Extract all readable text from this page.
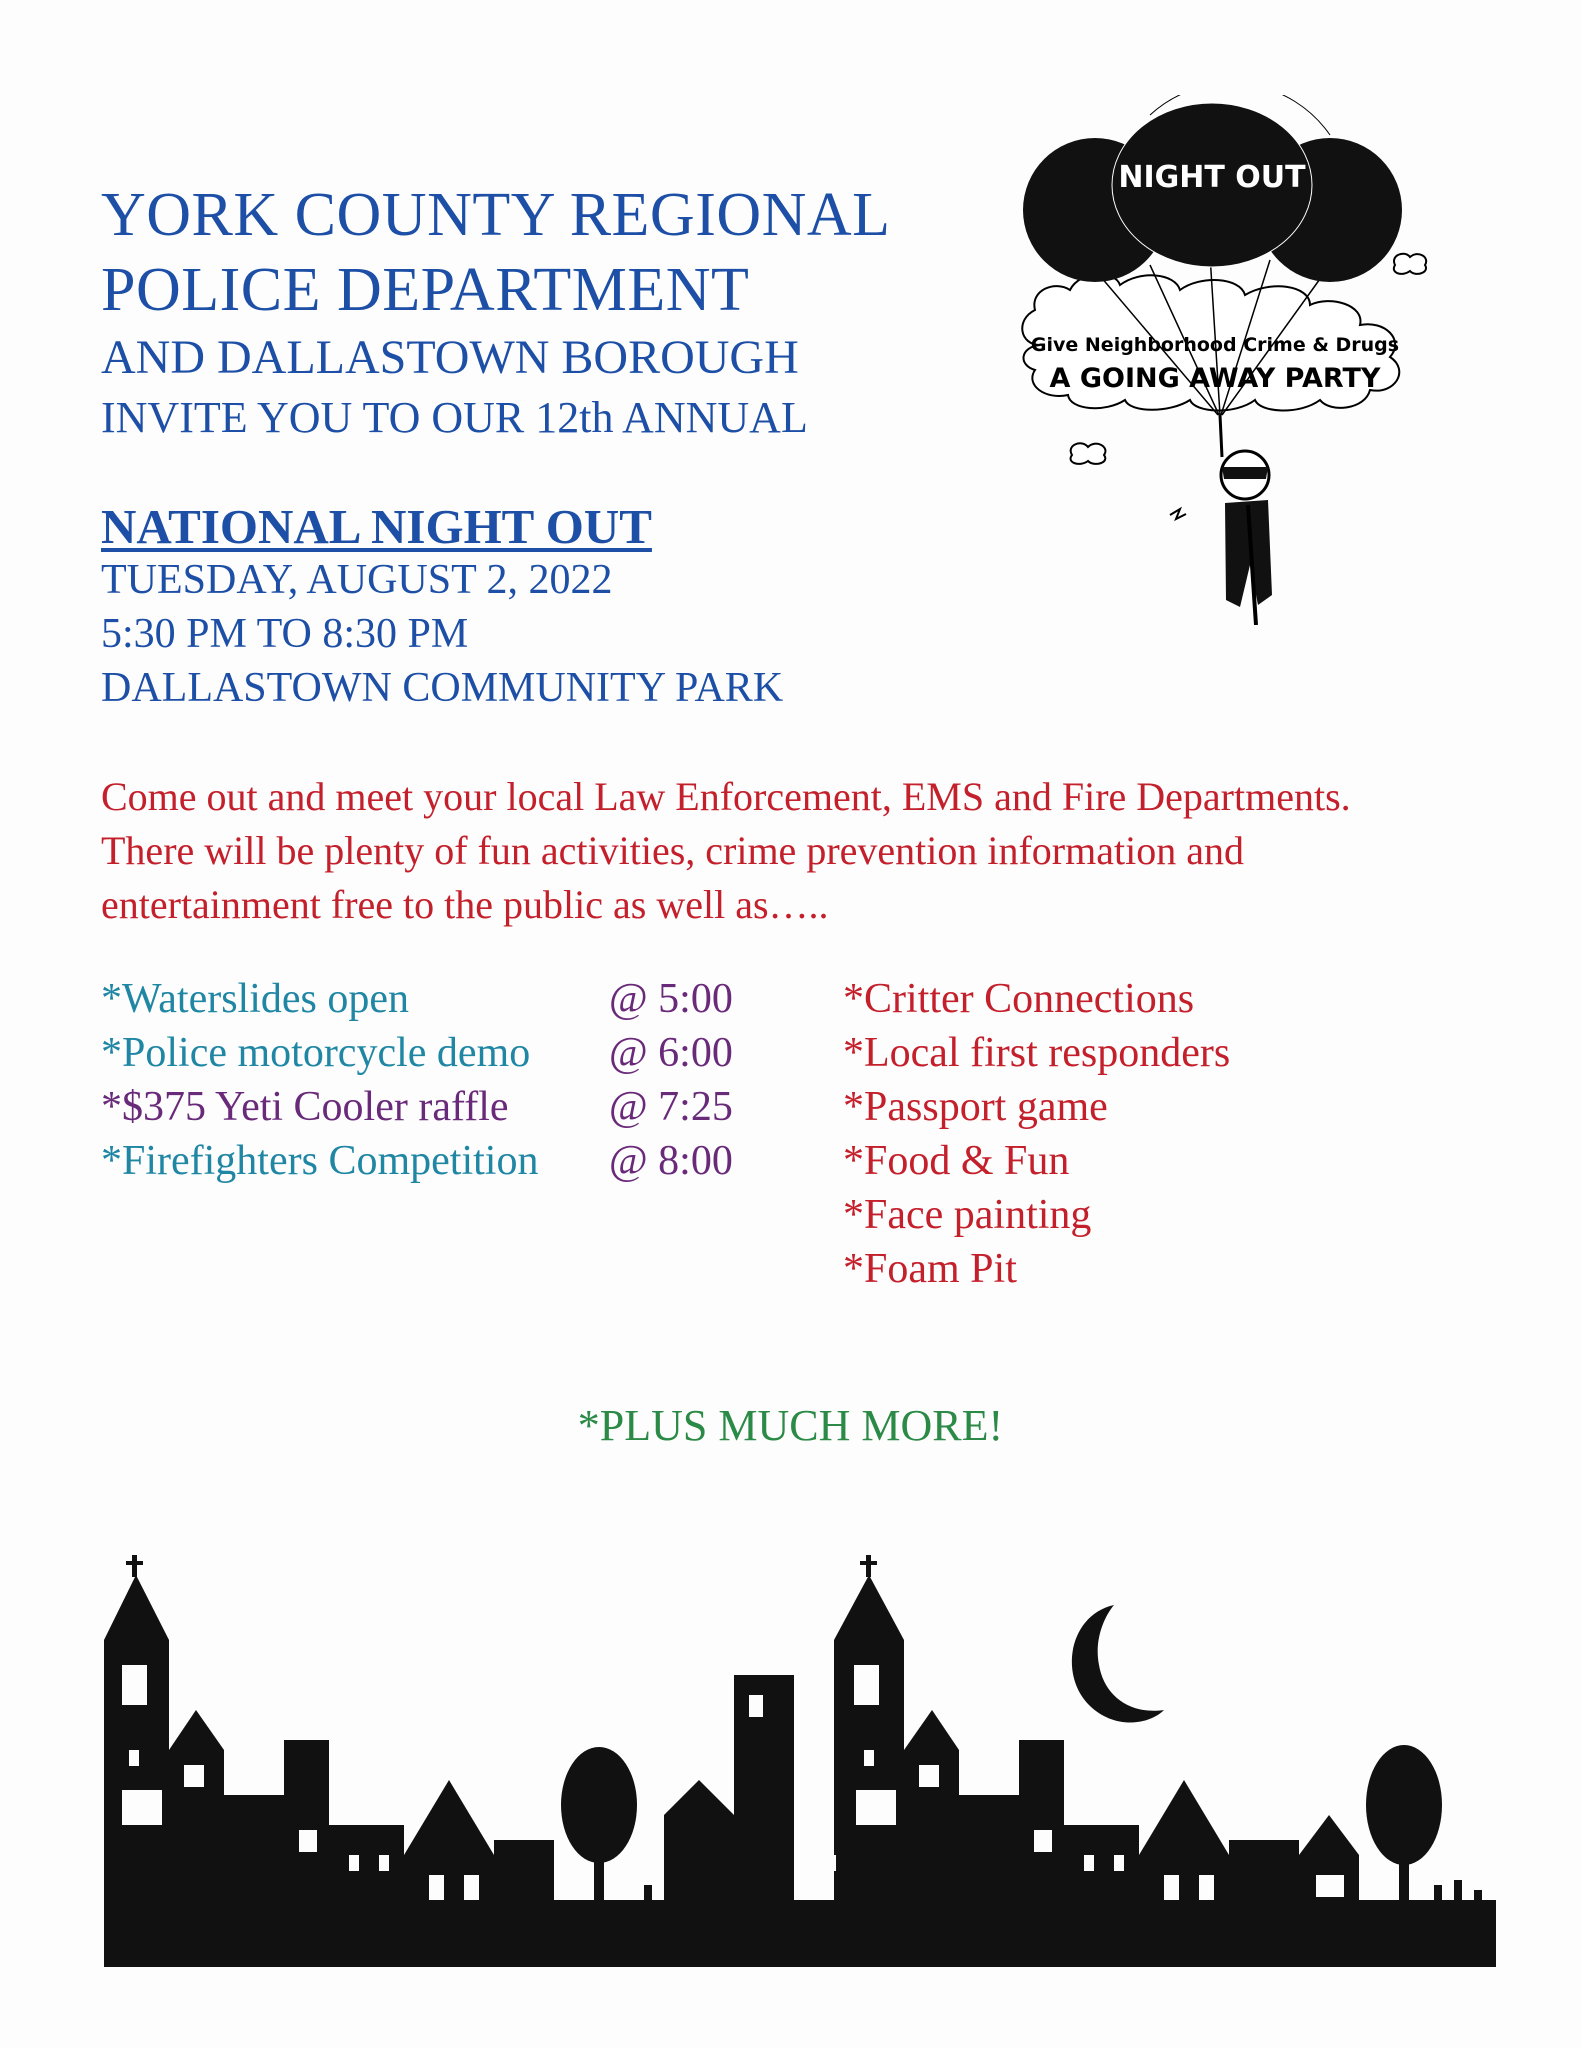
YORK COUNTY REGIONAL
POLICE DEPARTMENT
AND DALLASTOWN BOROUGH
INVITE YOU TO OUR 12th ANNUAL
NATIONAL NIGHT OUT
TUESDAY, AUGUST 2, 2022
5:30 PM TO 8:30 PM
DALLASTOWN COMMUNITY PARK
Come out and meet your local Law Enforcement, EMS and Fire Departments. There will be plenty of fun activities, crime prevention information and entertainment free to the public as well as…..
*Waterslides open	@ 5:00
*Police motorcycle demo @ 6:00
*$375 Yeti Cooler raffle @ 7:25
*Firefighters Competition @ 8:00
*Critter Connections
*Local first responders
*Passport game
*Food & Fun
*Face painting
*Foam Pit
*PLUS MUCH MORE!
NIGHT OUT
Give Neighborhood Crime & Drugs
A GOING AWAY PARTY
